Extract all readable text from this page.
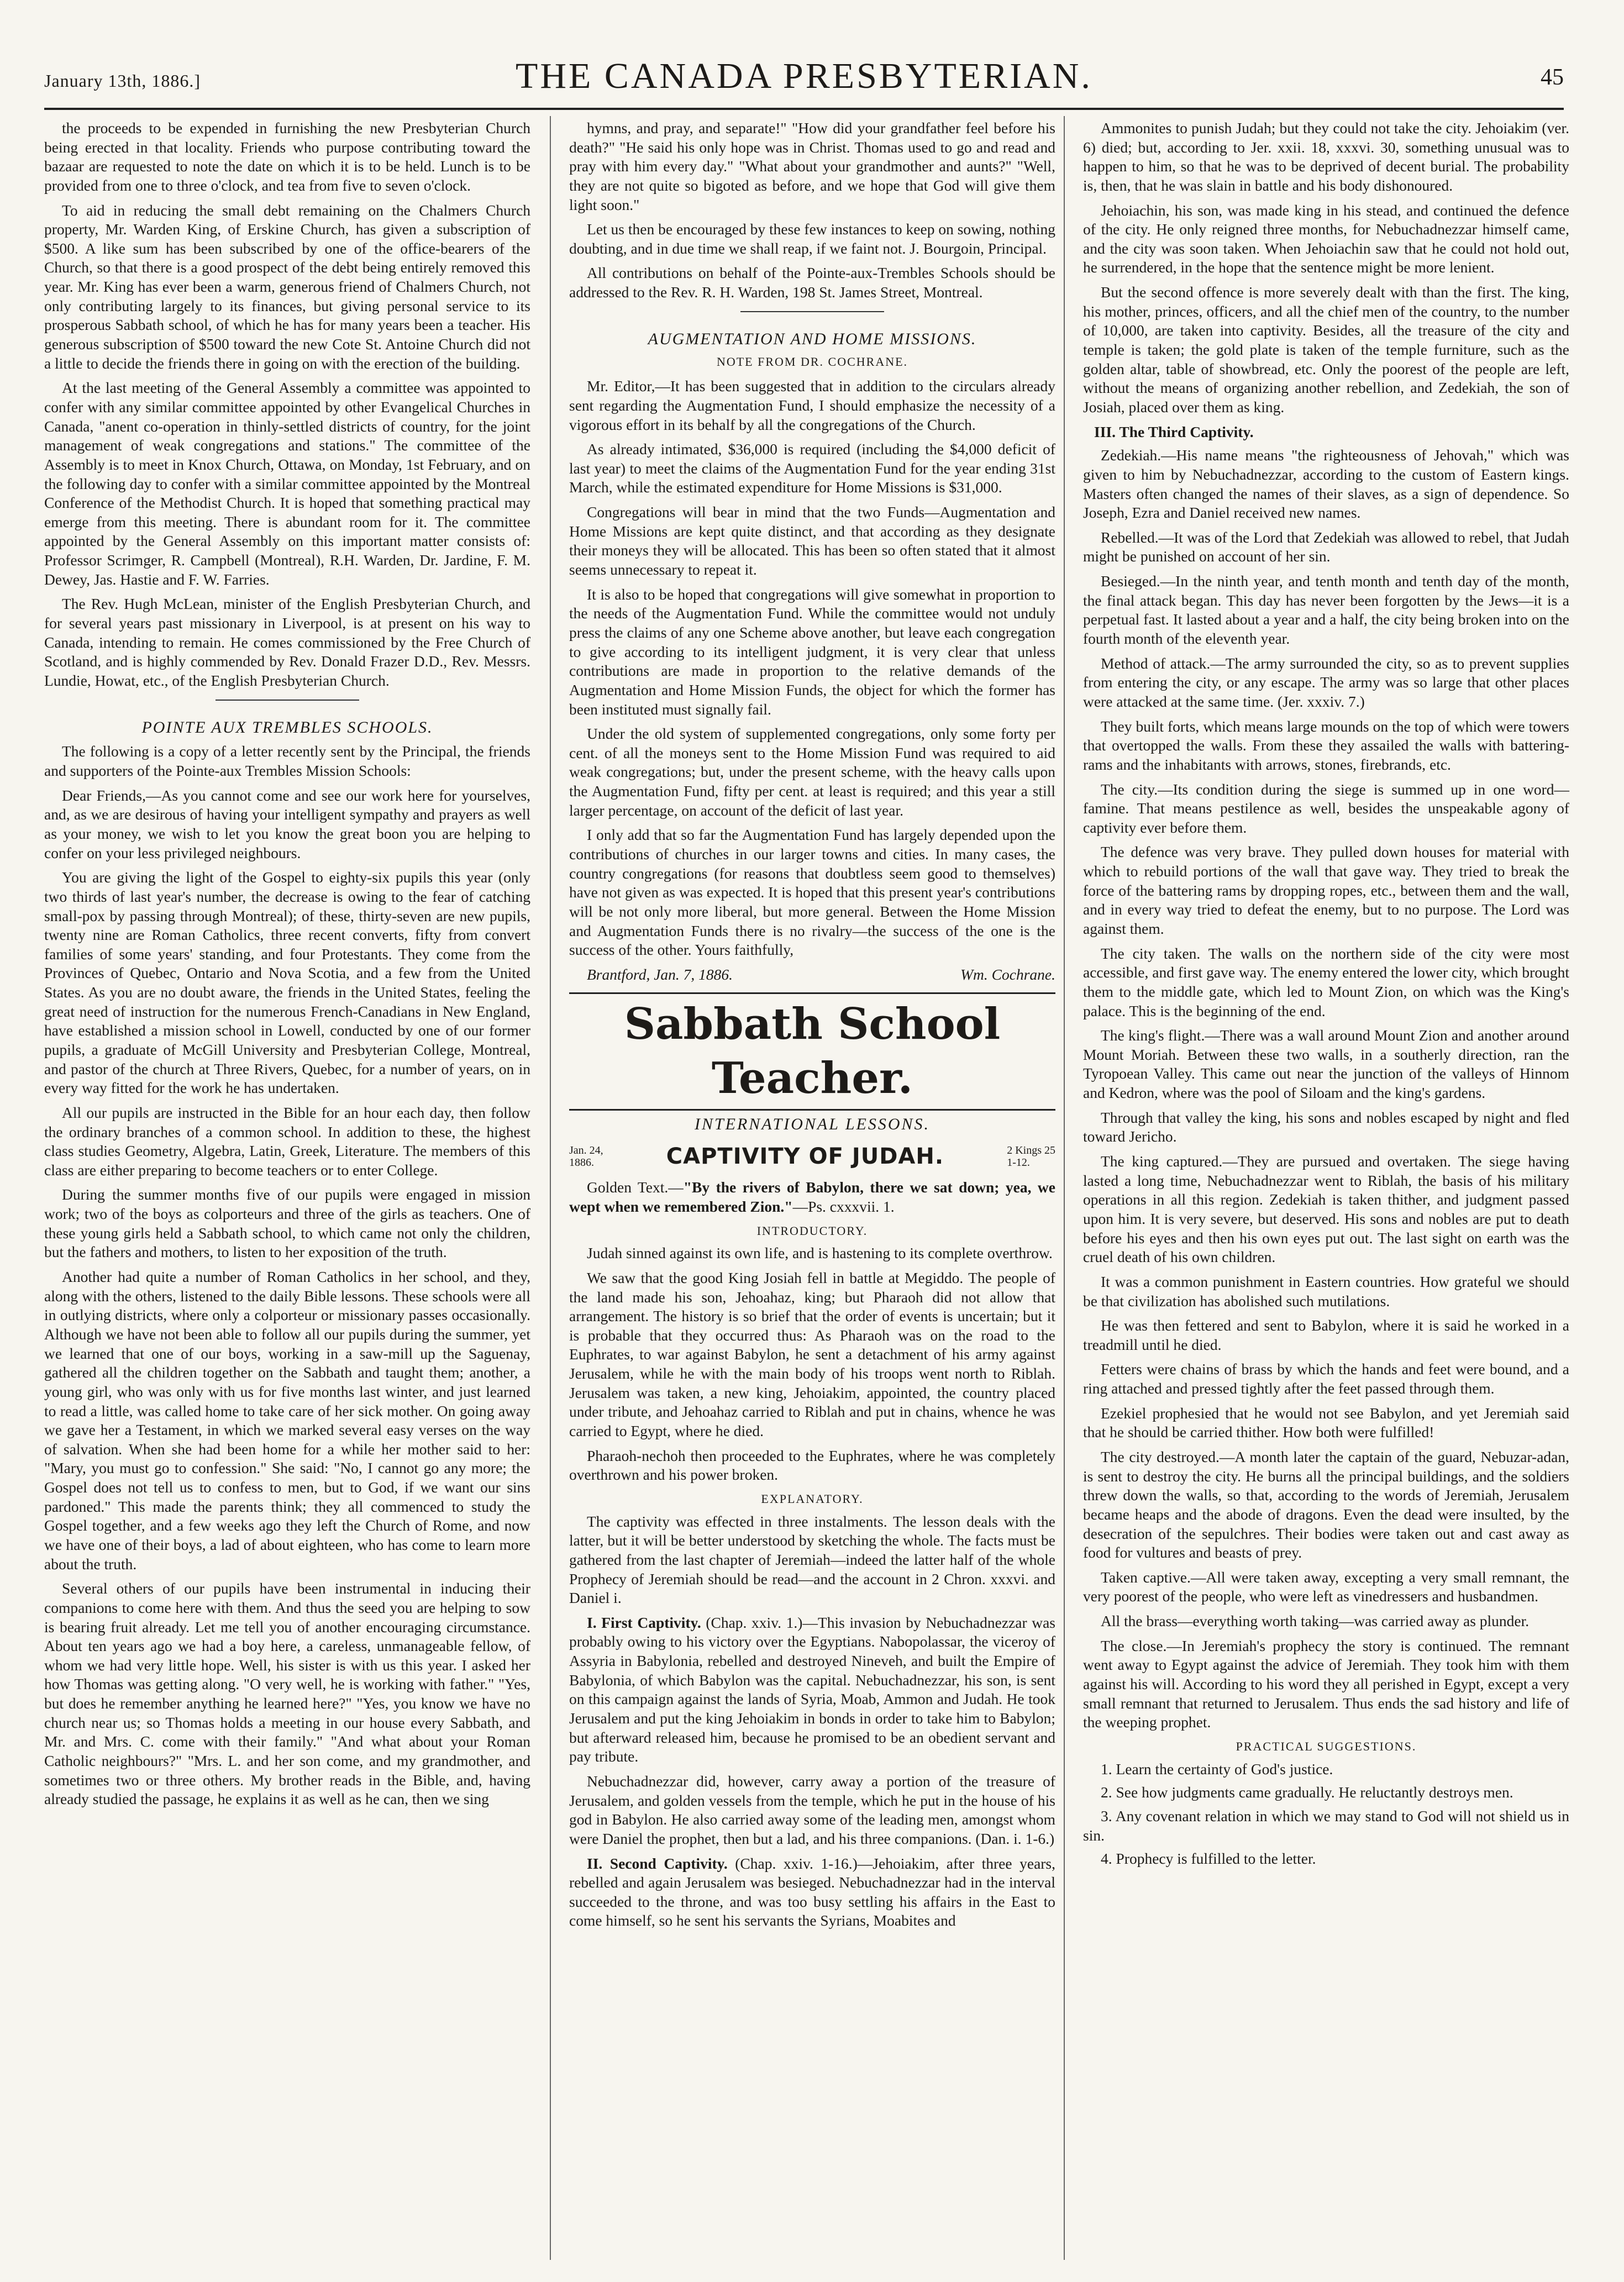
January 13th, 1886.]	THE CANADA PRESBYTERIAN.	45

the proceeds to be expended in furnishing the new Presbyterian Church being erected in that locality. Friends who purpose contributing toward the bazaar are requested to note the date on which it is to be held. Lunch is to be provided from one to three o'clock, and tea from five to seven o'clock.

To aid in reducing the small debt remaining on the Chalmers Church property, Mr. Warden King, of Erskine Church, has given a subscription of $500. A like sum has been subscribed by one of the office-bearers of the Church, so that there is a good prospect of the debt being entirely removed this year. Mr. King has ever been a warm, generous friend of Chalmers Church, not only contributing largely to its finances, but giving personal service to its prosperous Sabbath school, of which he has for many years been a teacher. His generous subscription of $500 toward the new Cote St. Antoine Church did not a little to decide the friends there in going on with the erection of the building.

At the last meeting of the General Assembly a committee was appointed to confer with any similar committee appointed by other Evangelical Churches in Canada, "anent co-operation in thinly-settled districts of country, for the joint management of weak congregations and stations." The committee of the Assembly is to meet in Knox Church, Ottawa, on Monday, 1st February, and on the following day to confer with a similar committee appointed by the Montreal Conference of the Methodist Church. It is hoped that something practical may emerge from this meeting. There is abundant room for it. The committee appointed by the General Assembly on this important matter consists of: Professor Scrimger, R. Campbell (Montreal), R.H. Warden, Dr. Jardine, F. M. Dewey, Jas. Hastie and F. W. Farries.

The Rev. Hugh McLean, minister of the English Presbyterian Church, and for several years past missionary in Liverpool, is at present on his way to Canada, intending to remain. He comes commissioned by the Free Church of Scotland, and is highly commended by Rev. Donald Frazer D.D., Rev. Messrs. Lundie, Howat, etc., of the English Presbyterian Church.

POINTE AUX TREMBLES SCHOOLS.

The following is a copy of a letter recently sent by the Principal, the friends and supporters of the Pointe-aux Trembles Mission Schools:

Dear Friends,—As you cannot come and see our work here for yourselves, and, as we are desirous of having your intelligent sympathy and prayers as well as your money, we wish to let you know the great boon you are helping to confer on your less privileged neighbours.

You are giving the light of the Gospel to eighty-six pupils this year (only two thirds of last year's number, the decrease is owing to the fear of catching small-pox by passing through Montreal); of these, thirty-seven are new pupils, twenty nine are Roman Catholics, three recent converts, fifty from convert families of some years' standing, and four Protestants. They come from the Provinces of Quebec, Ontario and Nova Scotia, and a few from the United States. As you are no doubt aware, the friends in the United States, feeling the great need of instruction for the numerous French-Canadians in New England, have established a mission school in Lowell, conducted by one of our former pupils, a graduate of McGill University and Presbyterian College, Montreal, and pastor of the church at Three Rivers, Quebec, for a number of years, on in every way fitted for the work he has undertaken.

All our pupils are instructed in the Bible for an hour each day, then follow the ordinary branches of a common school. In addition to these, the highest class studies Geometry, Algebra, Latin, Greek, Literature. The members of this class are either preparing to become teachers or to enter College.

During the summer months five of our pupils were engaged in mission work; two of the boys as colporteurs and three of the girls as teachers. One of these young girls held a Sabbath school, to which came not only the children, but the fathers and mothers, to listen to her exposition of the truth.

Another had quite a number of Roman Catholics in her school, and they, along with the others, listened to the daily Bible lessons. These schools were all in outlying districts, where only a colporteur or missionary passes occasionally. Although we have not been able to follow all our pupils during the summer, yet we learned that one of our boys, working in a saw-mill up the Saguenay, gathered all the children together on the Sabbath and taught them; another, a young girl, who was only with us for five months last winter, and just learned to read a little, was called home to take care of her sick mother. On going away we gave her a Testament, in which we marked several easy verses on the way of salvation. When she had been home for a while her mother said to her: "Mary, you must go to confession." She said: "No, I cannot go any more; the Gospel does not tell us to confess to men, but to God, if we want our sins pardoned." This made the parents think; they all commenced to study the Gospel together, and a few weeks ago they left the Church of Rome, and now we have one of their boys, a lad of about eighteen, who has come to learn more about the truth.

Several others of our pupils have been instrumental in inducing their companions to come here with them. And thus the seed you are helping to sow is bearing fruit already. Let me tell you of another encouraging circumstance. About ten years ago we had a boy here, a careless, unmanageable fellow, of whom we had very little hope. Well, his sister is with us this year. I asked her how Thomas was getting along. "O very well, he is working with father." "Yes, but does he remember anything he learned here?" "Yes, you know we have no church near us; so Thomas holds a meeting in our house every Sabbath, and Mr. and Mrs. C. come with their family." "And what about your Roman Catholic neighbours?" "Mrs. L. and her son come, and my grandmother, and sometimes two or three others. My brother reads in the Bible, and, having already studied the passage, he explains it as well as he can, then we sing

hymns, and pray, and separate!" "How did your grandfather feel before his death?" "He said his only hope was in Christ. Thomas used to go and read and pray with him every day." "What about your grandmother and aunts?" "Well, they are not quite so bigoted as before, and we hope that God will give them light soon."

Let us then be encouraged by these few instances to keep on sowing, nothing doubting, and in due time we shall reap, if we faint not. J. Bourgoin, Principal.

All contributions on behalf of the Pointe-aux-Trembles Schools should be addressed to the Rev. R. H. Warden, 198 St. James Street, Montreal.

AUGMENTATION AND HOME MISSIONS.
NOTE FROM DR. COCHRANE.

Mr. Editor,—It has been suggested that in addition to the circulars already sent regarding the Augmentation Fund, I should emphasize the necessity of a vigorous effort in its behalf by all the congregations of the Church.

As already intimated, $36,000 is required (including the $4,000 deficit of last year) to meet the claims of the Augmentation Fund for the year ending 31st March, while the estimated expenditure for Home Missions is $31,000.

Congregations will bear in mind that the two Funds—Augmentation and Home Missions are kept quite distinct, and that according as they designate their moneys they will be allocated. This has been so often stated that it almost seems unnecessary to repeat it.

It is also to be hoped that congregations will give somewhat in proportion to the needs of the Augmentation Fund. While the committee would not unduly press the claims of any one Scheme above another, but leave each congregation to give according to its intelligent judgment, it is very clear that unless contributions are made in proportion to the relative demands of the Augmentation and Home Mission Funds, the object for which the former has been instituted must signally fail.

Under the old system of supplemented congregations, only some forty per cent. of all the moneys sent to the Home Mission Fund was required to aid weak congregations; but, under the present scheme, with the heavy calls upon the Augmentation Fund, fifty per cent. at least is required; and this year a still larger percentage, on account of the deficit of last year.

I only add that so far the Augmentation Fund has largely depended upon the contributions of churches in our larger towns and cities. In many cases, the country congregations (for reasons that doubtless seem good to themselves) have not given as was expected. It is hoped that this present year's contributions will be not only more liberal, but more general. Between the Home Mission and Augmentation Funds there is no rivalry—the success of the one is the success of the other. Yours faithfully,

Brantford, Jan. 7, 1886.	Wm. Cochrane.
Sabbath School Teacher.
INTERNATIONAL LESSONS.
Jan. 24,
1886.	CAPTIVITY OF JUDAH.	2 Kings 25
1-12.

Golden Text.—"By the rivers of Babylon, there we sat down; yea, we wept when we remembered Zion."—Ps. cxxxvii. 1.

INTRODUCTORY.

Judah sinned against its own life, and is hastening to its complete overthrow.

We saw that the good King Josiah fell in battle at Megiddo. The people of the land made his son, Jehoahaz, king; but Pharaoh did not allow that arrangement. The history is so brief that the order of events is uncertain; but it is probable that they occurred thus: As Pharaoh was on the road to the Euphrates, to war against Babylon, he sent a detachment of his army against Jerusalem, while he with the main body of his troops went north to Riblah. Jerusalem was taken, a new king, Jehoiakim, appointed, the country placed under tribute, and Jehoahaz carried to Riblah and put in chains, whence he was carried to Egypt, where he died.

Pharaoh-nechoh then proceeded to the Euphrates, where he was completely overthrown and his power broken.

EXPLANATORY.

The captivity was effected in three instalments. The lesson deals with the latter, but it will be better understood by sketching the whole. The facts must be gathered from the last chapter of Jeremiah—indeed the latter half of the whole Prophecy of Jeremiah should be read—and the account in 2 Chron. xxxvi. and Daniel i.

I. First Captivity. (Chap. xxiv. 1.)—This invasion by Nebuchadnezzar was probably owing to his victory over the Egyptians. Nabopolassar, the viceroy of Assyria in Babylonia, rebelled and destroyed Nineveh, and built the Empire of Babylonia, of which Babylon was the capital. Nebuchadnezzar, his son, is sent on this campaign against the lands of Syria, Moab, Ammon and Judah. He took Jerusalem and put the king Jehoiakim in bonds in order to take him to Babylon; but afterward released him, because he promised to be an obedient servant and pay tribute.

Nebuchadnezzar did, however, carry away a portion of the treasure of Jerusalem, and golden vessels from the temple, which he put in the house of his god in Babylon. He also carried away some of the leading men, amongst whom were Daniel the prophet, then but a lad, and his three companions. (Dan. i. 1-6.)

II. Second Captivity. (Chap. xxiv. 1-16.)—Jehoiakim, after three years, rebelled and again Jerusalem was besieged. Nebuchadnezzar had in the interval succeeded to the throne, and was too busy settling his affairs in the East to come himself, so he sent his servants the Syrians, Moabites and

Ammonites to punish Judah; but they could not take the city. Jehoiakim (ver. 6) died; but, according to Jer. xxii. 18, xxxvi. 30, something unusual was to happen to him, so that he was to be deprived of decent burial. The probability is, then, that he was slain in battle and his body dishonoured.

Jehoiachin, his son, was made king in his stead, and continued the defence of the city. He only reigned three months, for Nebuchadnezzar himself came, and the city was soon taken. When Jehoiachin saw that he could not hold out, he surrendered, in the hope that the sentence might be more lenient.

But the second offence is more severely dealt with than the first. The king, his mother, princes, officers, and all the chief men of the country, to the number of 10,000, are taken into captivity. Besides, all the treasure of the city and temple is taken; the gold plate is taken of the temple furniture, such as the golden altar, table of showbread, etc. Only the poorest of the people are left, without the means of organizing another rebellion, and Zedekiah, the son of Josiah, placed over them as king.

III. The Third Captivity.

Zedekiah.—His name means "the righteousness of Jehovah," which was given to him by Nebuchadnezzar, according to the custom of Eastern kings. Masters often changed the names of their slaves, as a sign of dependence. So Joseph, Ezra and Daniel received new names.

Rebelled.—It was of the Lord that Zedekiah was allowed to rebel, that Judah might be punished on account of her sin.

Besieged.—In the ninth year, and tenth month and tenth day of the month, the final attack began. This day has never been forgotten by the Jews—it is a perpetual fast. It lasted about a year and a half, the city being broken into on the fourth month of the eleventh year.

Method of attack.—The army surrounded the city, so as to prevent supplies from entering the city, or any escape. The army was so large that other places were attacked at the same time. (Jer. xxxiv. 7.)

They built forts, which means large mounds on the top of which were towers that overtopped the walls. From these they assailed the walls with battering-rams and the inhabitants with arrows, stones, firebrands, etc.

The city.—Its condition during the siege is summed up in one word—famine. That means pestilence as well, besides the unspeakable agony of captivity ever before them.

The defence was very brave. They pulled down houses for material with which to rebuild portions of the wall that gave way. They tried to break the force of the battering rams by dropping ropes, etc., between them and the wall, and in every way tried to defeat the enemy, but to no purpose. The Lord was against them.

The city taken. The walls on the northern side of the city were most accessible, and first gave way. The enemy entered the lower city, which brought them to the middle gate, which led to Mount Zion, on which was the King's palace. This is the beginning of the end.

The king's flight.—There was a wall around Mount Zion and another around Mount Moriah. Between these two walls, in a southerly direction, ran the Tyropoean Valley. This came out near the junction of the valleys of Hinnom and Kedron, where was the pool of Siloam and the king's gardens.

Through that valley the king, his sons and nobles escaped by night and fled toward Jericho.

The king captured.—They are pursued and overtaken. The siege having lasted a long time, Nebuchadnezzar went to Riblah, the basis of his military operations in all this region. Zedekiah is taken thither, and judgment passed upon him. It is very severe, but deserved. His sons and nobles are put to death before his eyes and then his own eyes put out. The last sight on earth was the cruel death of his own children.

It was a common punishment in Eastern countries. How grateful we should be that civilization has abolished such mutilations.

He was then fettered and sent to Babylon, where it is said he worked in a treadmill until he died.

Fetters were chains of brass by which the hands and feet were bound, and a ring attached and pressed tightly after the feet passed through them.

Ezekiel prophesied that he would not see Babylon, and yet Jeremiah said that he should be carried thither. How both were fulfilled!

The city destroyed.—A month later the captain of the guard, Nebuzar-adan, is sent to destroy the city. He burns all the principal buildings, and the soldiers threw down the walls, so that, according to the words of Jeremiah, Jerusalem became heaps and the abode of dragons. Even the dead were insulted, by the desecration of the sepulchres. Their bodies were taken out and cast away as food for vultures and beasts of prey.

Taken captive.—All were taken away, excepting a very small remnant, the very poorest of the people, who were left as vinedressers and husbandmen.

All the brass—everything worth taking—was carried away as plunder.

The close.—In Jeremiah's prophecy the story is continued. The remnant went away to Egypt against the advice of Jeremiah. They took him with them against his will. According to his word they all perished in Egypt, except a very small remnant that returned to Jerusalem. Thus ends the sad history and life of the weeping prophet.

PRACTICAL SUGGESTIONS.

1. Learn the certainty of God's justice.

2. See how judgments came gradually. He reluctantly destroys men.

3. Any covenant relation in which we may stand to God will not shield us in sin.

4. Prophecy is fulfilled to the letter.
